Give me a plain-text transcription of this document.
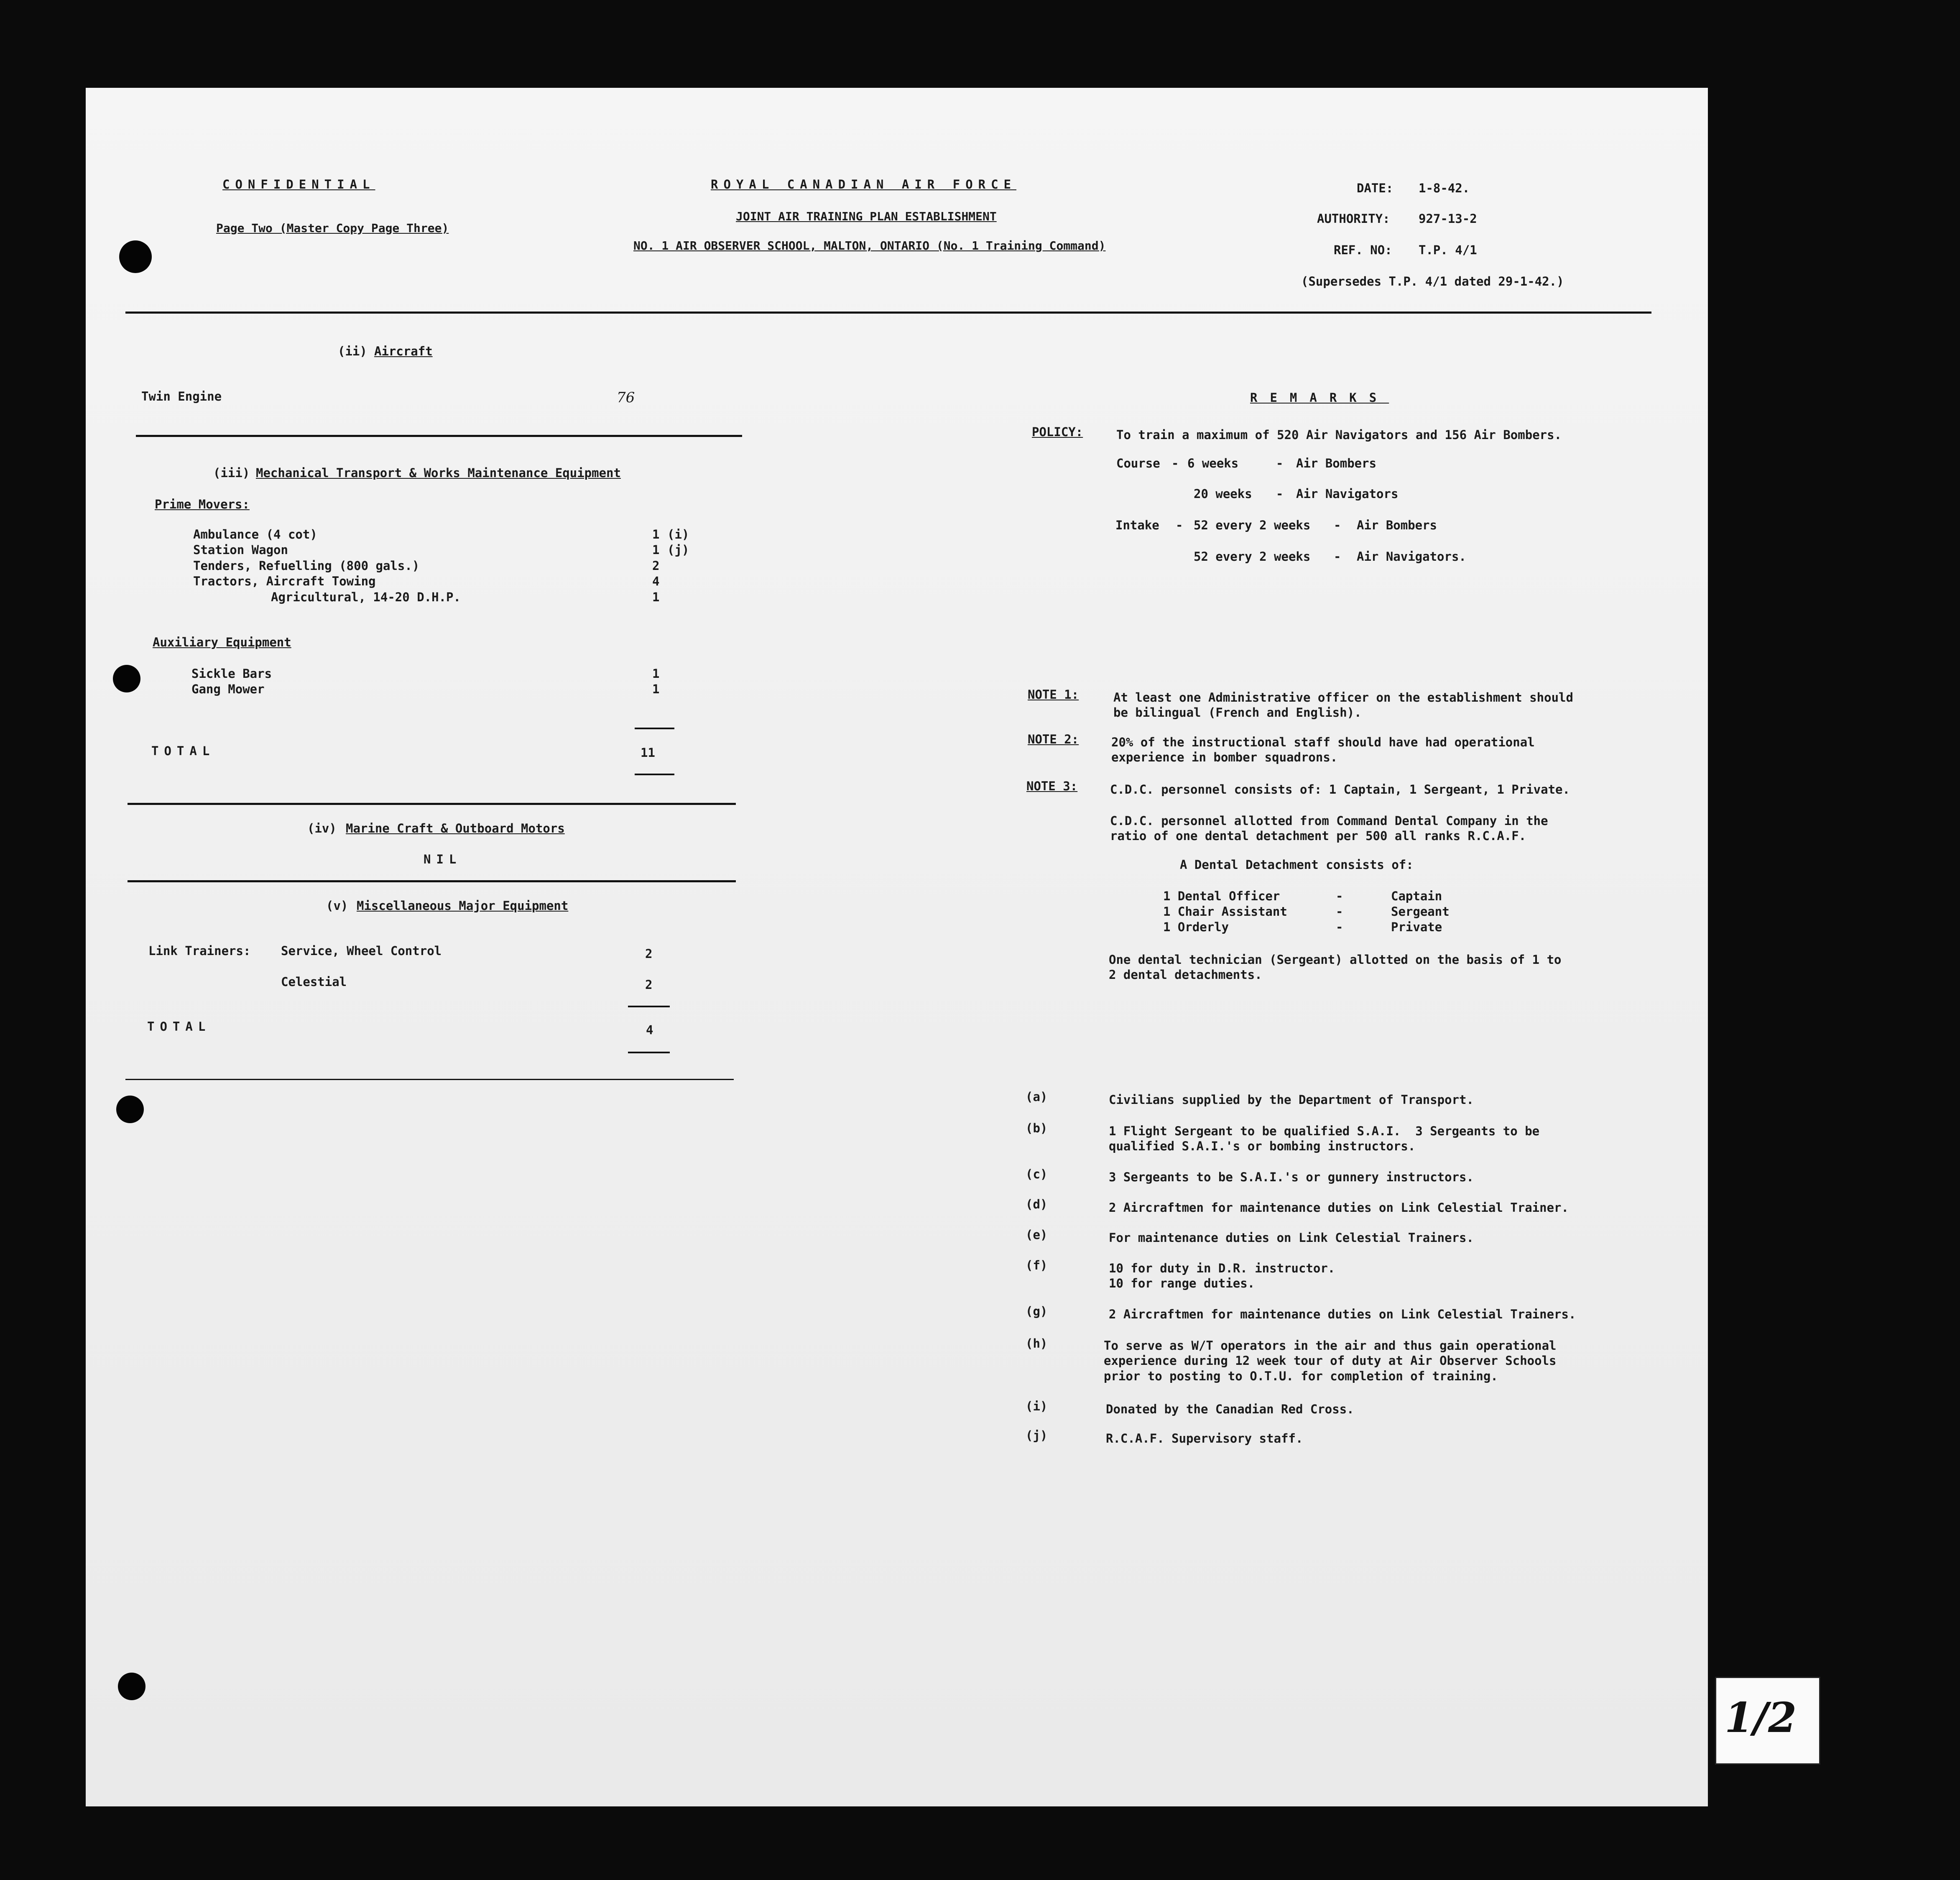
CONFIDENTIAL
Page Two (Master Copy Page Three)
ROYAL CANADIAN AIR FORCE
JOINT AIR TRAINING PLAN ESTABLISHMENT
NO. 1 AIR OBSERVER SCHOOL, MALTON, ONTARIO (No. 1 Training Command)
DATE: 1-8-42.
AUTHORITY: 927-13-2
REF. NO: T.P. 4/1
(Supersedes T.P. 4/1 dated 29-1-42.)
(ii) Aircraft
Twin Engine	76
(iii) Mechanical Transport & Works Maintenance Equipment
Prime Movers:
Ambulance (4 cot)	1 (i)
Station Wagon	1 (j)
Tenders, Refuelling (800 gals.)	2
Tractors, Aircraft Towing	4
Agricultural, 14-20 D.H.P.	1
Auxiliary Equipment
Sickle Bars	1
Gang Mower	1
TOTAL	11
(iv) Marine Craft & Outboard Motors
NIL
(v) Miscellaneous Major Equipment
Link Trainers:	Service, Wheel Control	2
Celestial	2
TOTAL	4
REMARKS
POLICY:	To train a maximum of 520 Air Navigators and 156 Air Bombers.
Course - 6 weeks	- Air Bombers
20 weeks - Air Navigators
Intake - 52 every 2 weeks - Air Bombers
52 every 2 weeks - Air Navigators.
NOTE 1:	At least one Administrative officer on the establishment should
be bilingual (French and English).
NOTE 2:	20% of the instructional staff should have had operational
experience in bomber squadrons.
NOTE 3:	C.D.C. personnel consists of: 1 Captain, 1 Sergeant, 1 Private.
C.D.C. personnel allotted from Command Dental Company in the
ratio of one dental detachment per 500 all ranks R.C.A.F.
A Dental Detachment consists of:
1 Dental Officer	-	Captain
1 Chair Assistant	-	Sergeant
1 Orderly	-	Private
One dental technician (Sergeant) allotted on the basis of 1 to
2 dental detachments.
(a)	Civilians supplied by the Department of Transport.
(b)	1 Flight Sergeant to be qualified S.A.I.  3 Sergeants to be
qualified S.A.I.'s or bombing instructors.
(c)	3 Sergeants to be S.A.I.'s or gunnery instructors.
(d)	2 Aircraftmen for maintenance duties on Link Celestial Trainer.
(e)	For maintenance duties on Link Celestial Trainers.
(f)	10 for duty in D.R. instructor.
10 for range duties.
(g)	2 Aircraftmen for maintenance duties on Link Celestial Trainers.
(h)	To serve as W/T operators in the air and thus gain operational
experience during 12 week tour of duty at Air Observer Schools
prior to posting to O.T.U. for completion of training.
(i)	Donated by the Canadian Red Cross.
(j)	R.C.A.F. Supervisory staff.
1/2
